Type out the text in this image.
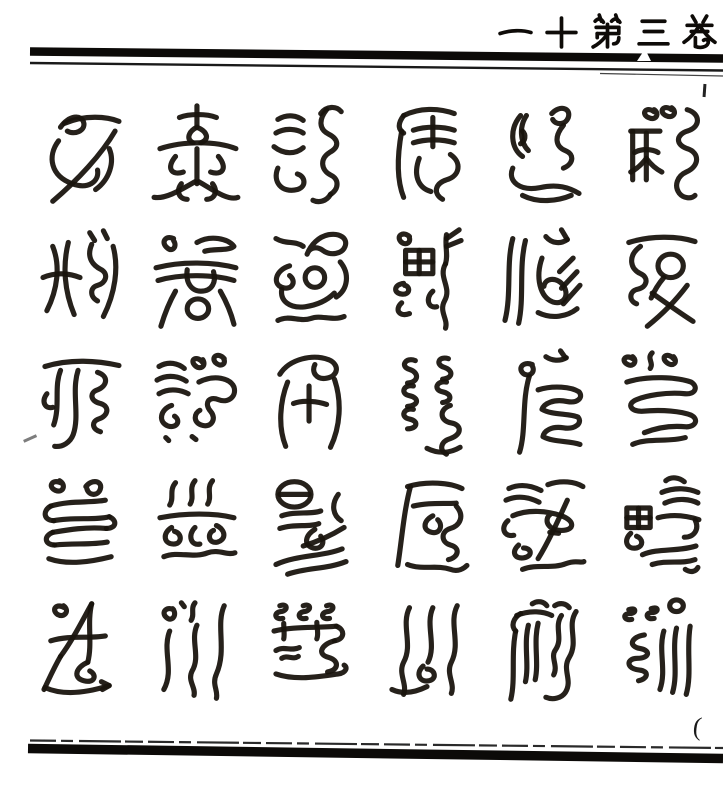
(
